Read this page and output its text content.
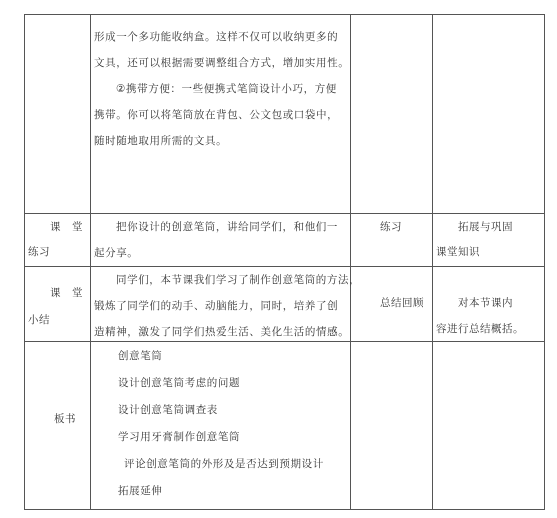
形成一个多功能收纳盒。这样不仅可以收纳更多的

文具，还可以根据需要调整组合方式，增加实用性。

②携带方便：一些便携式笔筒设计小巧，方便

携带。你可以将笔筒放在背包、公文包或口袋中，

随时随地取用所需的文具。

课　堂
练习

把你设计的创意笔筒，讲给同学们，和他们一

起分享。

练习	拓展与巩固
课堂知识
课　堂
小结

同学们，本节课我们学习了制作创意笔筒的方法，

锻炼了同学们的动手、动脑能力，同时，培养了创

造精神，激发了同学们热爱生活、美化生活的情感。

总结回顾	对本节课内
容进行总结概括。
板书

创意笔筒

设计创意笔筒考虑的问题

设计创意笔筒调查表

学习用牙膏制作创意笔筒

评论创意笔筒的外形及是否达到预期设计

拓展延伸
